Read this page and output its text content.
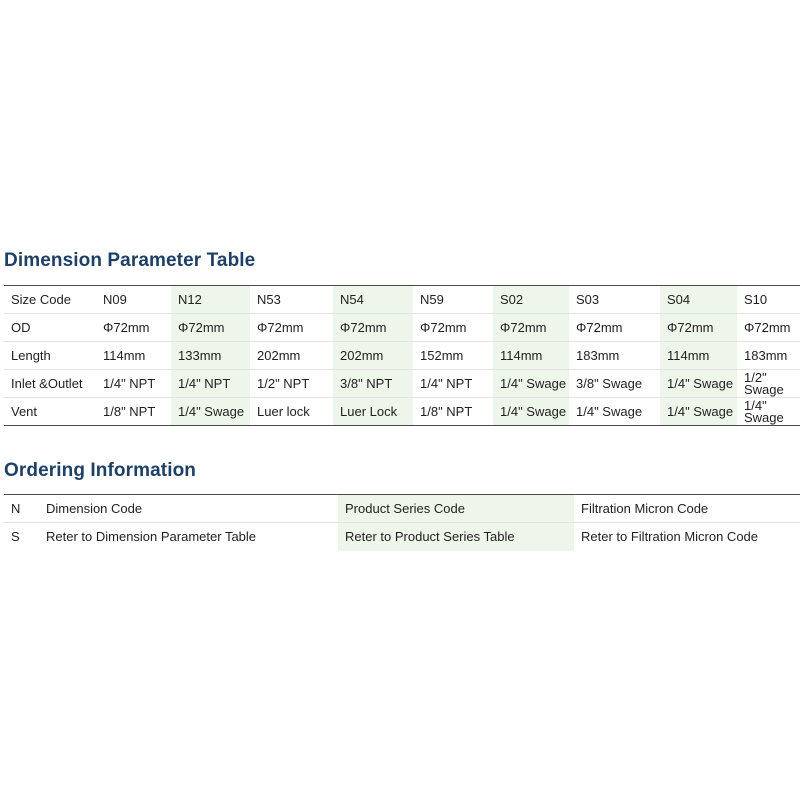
Dimension Parameter Table
Size Code	N09	N12	N53	N54	N59	S02	S03	S04	S10
OD	Φ72mm	Φ72mm	Φ72mm	Φ72mm	Φ72mm	Φ72mm	Φ72mm	Φ72mm	Φ72mm
Length	114mm	133mm	202mm	202mm	152mm	114mm	183mm	114mm	183mm
Inlet &Outlet	1/4" NPT	1/4" NPT	1/2" NPT	3/8" NPT	1/4" NPT	1/4" Swage	3/8" Swage	1/4" Swage	1/2" Swage
Vent	1/8" NPT	1/4" Swage	Luer lock	Luer Lock	1/8" NPT	1/4" Swage	1/4" Swage	1/4" Swage	1/4" Swage
Ordering Information
N	Dimension Code	Product Series Code	Filtration Micron Code
S	Reter to Dimension Parameter Table	Reter to Product Series Table	Reter to Filtration Micron Code
